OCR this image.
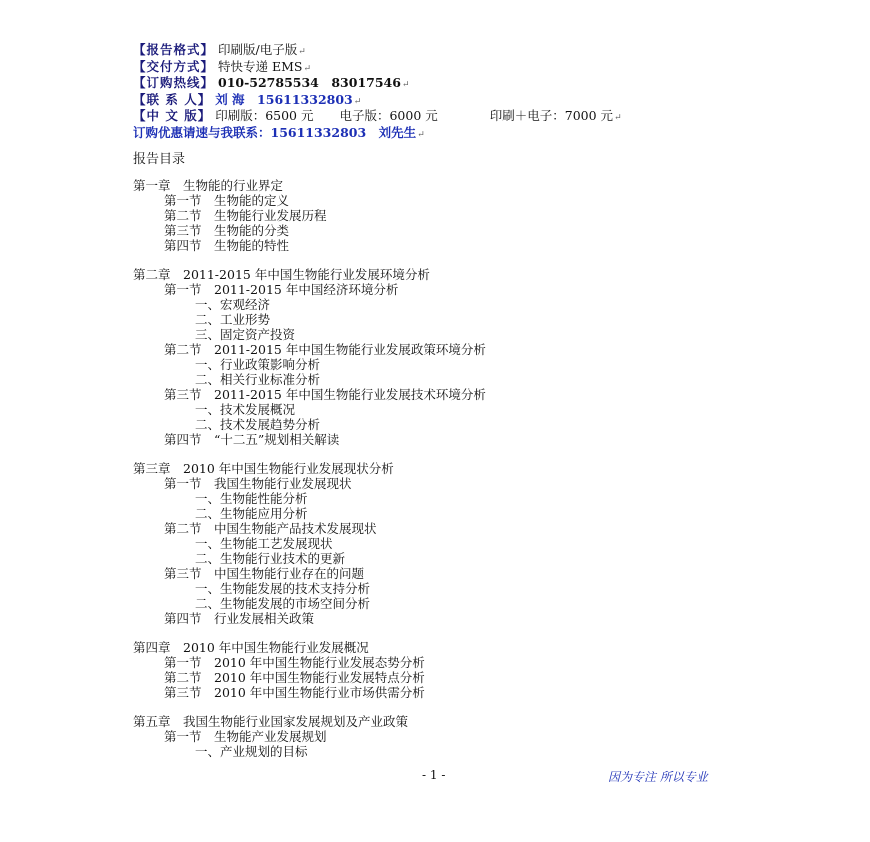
【报告格式】 印刷版/电子版↵
【交付方式】 特快专递 EMS↵
【订购热线】 010-52785534　83017546↵
【联 系 人】 刘 海　15611332803↵
【中 文 版】 印刷版：6500 元 电子版：6000 元	印刷＋电子：7000 元↵
订购优惠请速与我联系：15611332803　刘先生↵
报告目录
第一章　生物能的行业界定
第一节　生物能的定义
第二节　生物能行业发展历程
第三节　生物能的分类
第四节　生物能的特性
第二章　2011-2015 年中国生物能行业发展环境分析
第一节　2011-2015 年中国经济环境分析
一、宏观经济
二、工业形势
三、固定资产投资
第二节　2011-2015 年中国生物能行业发展政策环境分析
一、行业政策影响分析
二、相关行业标准分析
第三节　2011-2015 年中国生物能行业发展技术环境分析
一、技术发展概况
二、技术发展趋势分析
第四节　“十二五”规划相关解读
第三章　2010 年中国生物能行业发展现状分析
第一节　我国生物能行业发展现状
一、生物能性能分析
二、生物能应用分析
第二节　中国生物能产品技术发展现状
一、生物能工艺发展现状
二、生物能行业技术的更新
第三节　中国生物能行业存在的问题
一、生物能发展的技术支持分析
二、生物能发展的市场空间分析
第四节　行业发展相关政策
第四章　2010 年中国生物能行业发展概况
第一节　2010 年中国生物能行业发展态势分析
第二节　2010 年中国生物能行业发展特点分析
第三节　2010 年中国生物能行业市场供需分析
第五章　我国生物能行业国家发展规划及产业政策
第一节　生物能产业发展规划
一、产业规划的目标
- 1 -	因为专注 所以专业
